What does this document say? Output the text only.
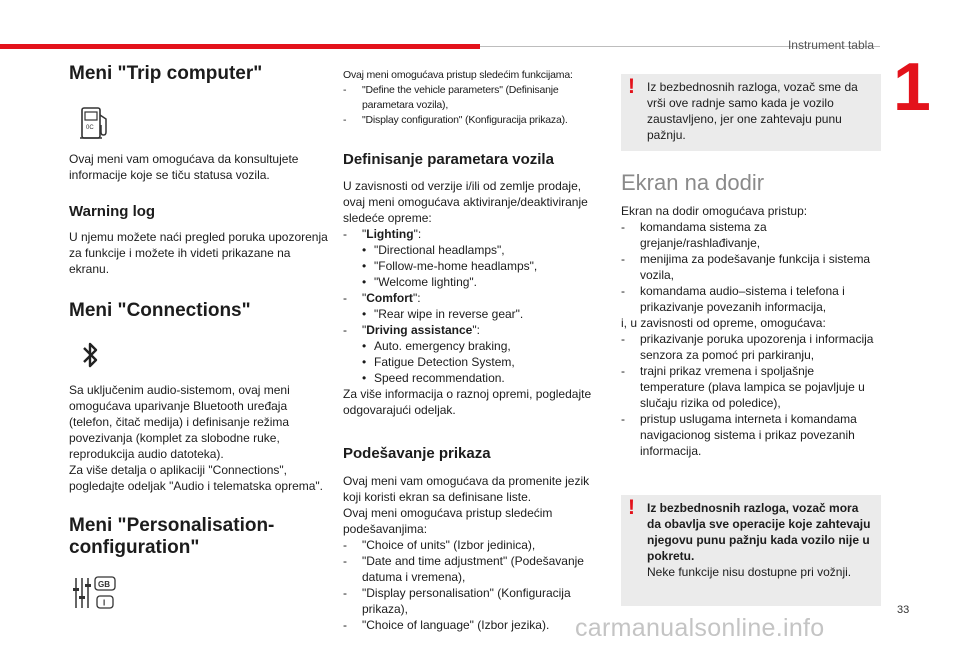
Instrument tabla
1
33
carmanualsonline.info
Meni "Trip computer"
0C

Ovaj meni vam omogućava da konsultujete informacije koje se tiču statusa vozila.

Warning log

U njemu možete naći pregled poruka upozorenja za funkcije i možete ih videti prikazane na ekranu.

Meni "Connections"

Sa uključenim audio-sistemom, ovaj meni omogućava uparivanje Bluetooth uređaja (telefon, čitač medija) i definisanje režima povezivanja (komplet za slobodne ruke, reprodukcija audio datoteka).

Za više detalja o aplikaciji "Connections", pogledajte odeljak "Audio i telematska oprema".

Meni "Personalisation-
configuration"
GB
I

Ovaj meni omogućava pristup sledećim funkcijama:

- "Define the vehicle parameters" (Definisanje parametara vozila),
- "Display configuration" (Konfiguracija prikaza).
Definisanje parametara vozila

U zavisnosti od verzije i/ili od zemlje prodaje, ovaj meni omogućava aktiviranje/deaktiviranje sledeće opreme:

- "Lighting":
• "Directional headlamps",
• "Follow-me-home headlamps",
• "Welcome lighting".
- "Comfort":
• "Rear wipe in reverse gear".
- "Driving assistance":
• Auto. emergency braking,
• Fatigue Detection System,
• Speed recommendation.

Za više informacija o raznoj opremi, pogledajte odgovarajući odeljak.

Podešavanje prikaza

Ovaj meni vam omogućava da promenite jezik koji koristi ekran sa definisane liste.

Ovaj meni omogućava pristup sledećim podešavanjima:

- "Choice of units" (Izbor jedinica),
- "Date and time adjustment" (Podešavanje datuma i vremena),
- "Display personalisation" (Konfiguracija prikaza),
- "Choice of language" (Izbor jezika).
! Iz bezbednosnih razloga, vozač sme da vrši ove radnje samo kada je vozilo zaustavljeno, jer one zahtevaju punu pažnju.
Ekran na dodir

Ekran na dodir omogućava pristup:

- komandama sistema za grejanje/rashlađivanje,
- menijima za podešavanje funkcija i sistema vozila,
- komandama audio–sistema i telefona i prikazivanje povezanih informacija,

i, u zavisnosti od opreme, omogućava:

- prikazivanje poruka upozorenja i informacija senzora za pomoć pri parkiranju,
- trajni prikaz vremena i spoljašnje temperature (plava lampica se pojavljuje u slučaju rizika od poledice),
- pristup uslugama interneta i komandama navigacionog sistema i prikaz povezanih informacija.
! Iz bezbednosnih razloga, vozač mora da obavlja sve operacije koje zahtevaju njegovu punu pažnju kada vozilo nije u pokretu.
Neke funkcije nisu dostupne pri vožnji.
